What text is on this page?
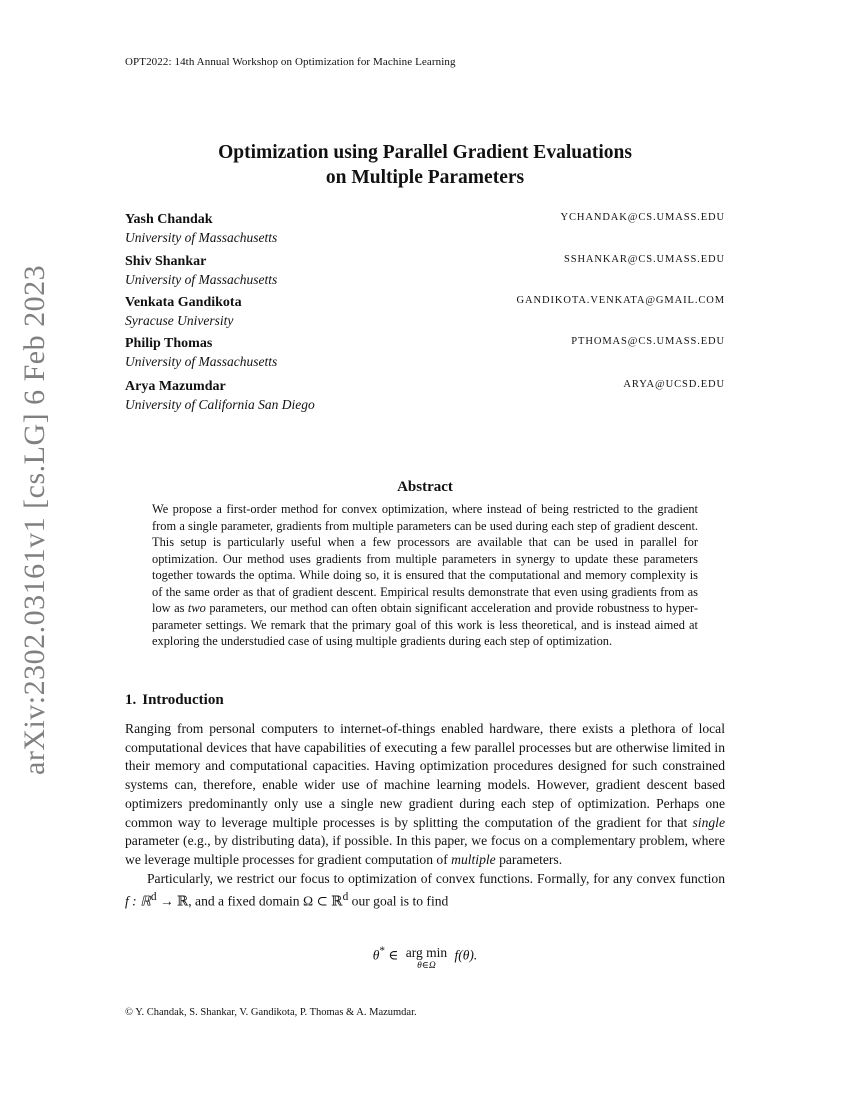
OPT2022: 14th Annual Workshop on Optimization for Machine Learning
arXiv:2302.03161v1 [cs.LG] 6 Feb 2023
Optimization using Parallel Gradient Evaluations
on Multiple Parameters
Yash Chandak
University of Massachusetts
YCHANDAK@CS.UMASS.EDU
Shiv Shankar
University of Massachusetts
SSHANKAR@CS.UMASS.EDU
Venkata Gandikota
Syracuse University
GANDIKOTA.VENKATA@GMAIL.COM
Philip Thomas
University of Massachusetts
PTHOMAS@CS.UMASS.EDU
Arya Mazumdar
University of California San Diego
ARYA@UCSD.EDU
Abstract
We propose a first-order method for convex optimization, where instead of being restricted to the gradient from a single parameter, gradients from multiple parameters can be used during each step of gradient descent. This setup is particularly useful when a few processors are available that can be used in parallel for optimization. Our method uses gradients from multiple parameters in synergy to update these parameters together towards the optima. While doing so, it is ensured that the computational and memory complexity is of the same order as that of gradient descent. Empirical results demonstrate that even using gradients from as low as two parameters, our method can often obtain significant acceleration and provide robustness to hyper-parameter settings. We remark that the primary goal of this work is less theoretical, and is instead aimed at exploring the understudied case of using multiple gradients during each step of optimization.
1. Introduction

Ranging from personal computers to internet-of-things enabled hardware, there exists a plethora of local computational devices that have capabilities of executing a few parallel processes but are otherwise limited in their memory and computational capacities. Having optimization procedures designed for such constrained systems can, therefore, enable wider use of machine learning models. However, gradient descent based optimizers predominantly only use a single new gradient during each step of optimization. Perhaps one common way to leverage multiple processes is by splitting the computation of the gradient for that single parameter (e.g., by distributing data), if possible. In this paper, we focus on a complementary problem, where we leverage multiple processes for gradient computation of multiple parameters.

Particularly, we restrict our focus to optimization of convex functions. Formally, for any convex function f : ℝ$^d$ → ℝ, and a fixed domain Ω ⊂ ℝ$^d$ our goal is to find

θ* ∈ arg min
θ∈Ω
f(θ).
© Y. Chandak, S. Shankar, V. Gandikota, P. Thomas & A. Mazumdar.
